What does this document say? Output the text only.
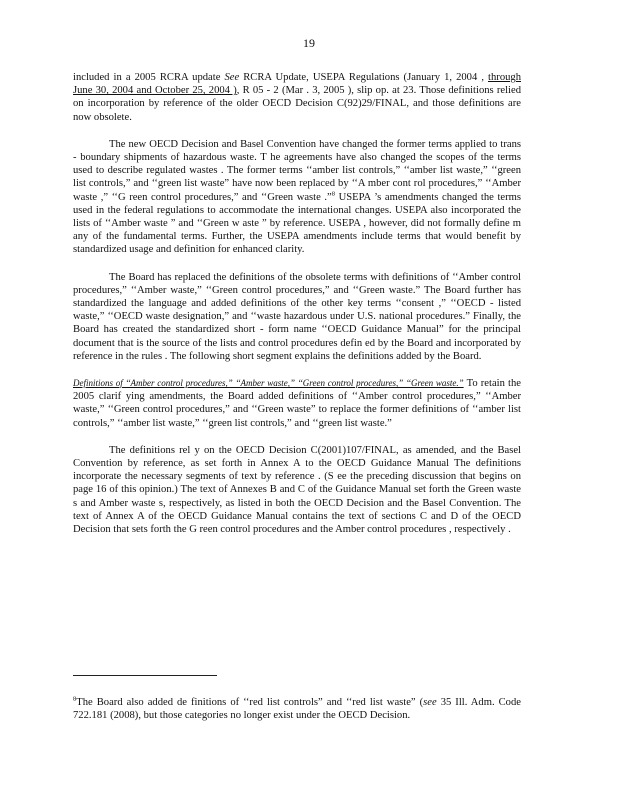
19

included in a 2005 RCRA update See RCRA Update, USEPA Regulations (January 1, 2004 , through June 30, 2004 and October 25, 2004 ), R 05 - 2 (Mar . 3, 2005 ), slip op. at 23. Those definitions relied on incorporation by reference of the older OECD Decision C(92)29/FINAL, and those definitions are now obsolete.

The new OECD Decision and Basel Convention have changed the former terms applied to trans - boundary shipments of hazardous waste. T he agreements have also changed the scopes of the terms used to describe regulated wastes . The former terms ‘‘amber list controls,” ‘‘amber list waste,” ‘‘green list controls,” and ‘‘green list waste” have now been replaced by ‘‘A mber cont rol procedures,” ‘‘Amber waste ,” ‘‘G reen control procedures,” and ‘‘Green waste .”$^8$ USEPA ’s amendments changed the terms used in the federal regulations to accommodate the international changes. USEPA also incorporated the lists of ‘‘Amber waste ” and ‘‘Green w aste ” by reference. USEPA , however, did not formally define m any of the fundamental terms. Further, the USEPA amendments include terms that would benefit by standardized usage and definition for enhanced clarity.

The Board has replaced the definitions of the obsolete terms with definitions of ‘‘Amber control procedures,” ‘‘Amber waste,” ‘‘Green control procedures,” and ‘‘Green waste.” The Board further has standardized the language and added definitions of the other key terms ‘‘consent ,” ‘‘OECD - listed waste,” ‘‘OECD waste designation,” and ‘‘waste hazardous under U.S. national procedures.” Finally, the Board has created the standardized short - form name ‘‘OECD Guidance Manual” for the principal document that is the source of the lists and control procedures defin ed by the Board and incorporated by reference in the rules . The following short segment explains the definitions added by the Board.

Definitions of ‘‘Amber control procedures,” ‘‘Amber waste,” ‘‘Green control procedures,” ‘‘Green waste.” To retain the 2005 clarif ying amendments, the Board added definitions of ‘‘Amber control procedures,” ‘‘Amber waste,” ‘‘Green control procedures,” and ‘‘Green waste” to replace the former definitions of ‘‘amber list controls,” ‘‘amber list waste,” ‘‘green list controls,” and ‘‘green list waste.”

The definitions rel y on the OECD Decision C(2001)107/FINAL, as amended, and the Basel Convention by reference, as set forth in Annex A to the OECD Guidance Manual The definitions incorporate the necessary segments of text by reference . (S ee the preceding discussion that begins on page 16 of this opinion.) The text of Annexes B and C of the Guidance Manual set forth the Green waste s and Amber waste s, respectively, as listed in both the OECD Decision and the Basel Convention. The text of Annex A of the OECD Guidance Manual contains the text of sections C and D of the OECD Decision that sets forth the G reen control procedures and the Amber control procedures , respectively .

$^8$The Board also added de finitions of ‘‘red list controls” and ‘‘red list waste” (see 35 Ill. Adm. Code 722.181 (2008), but those categories no longer exist under the OECD Decision.
